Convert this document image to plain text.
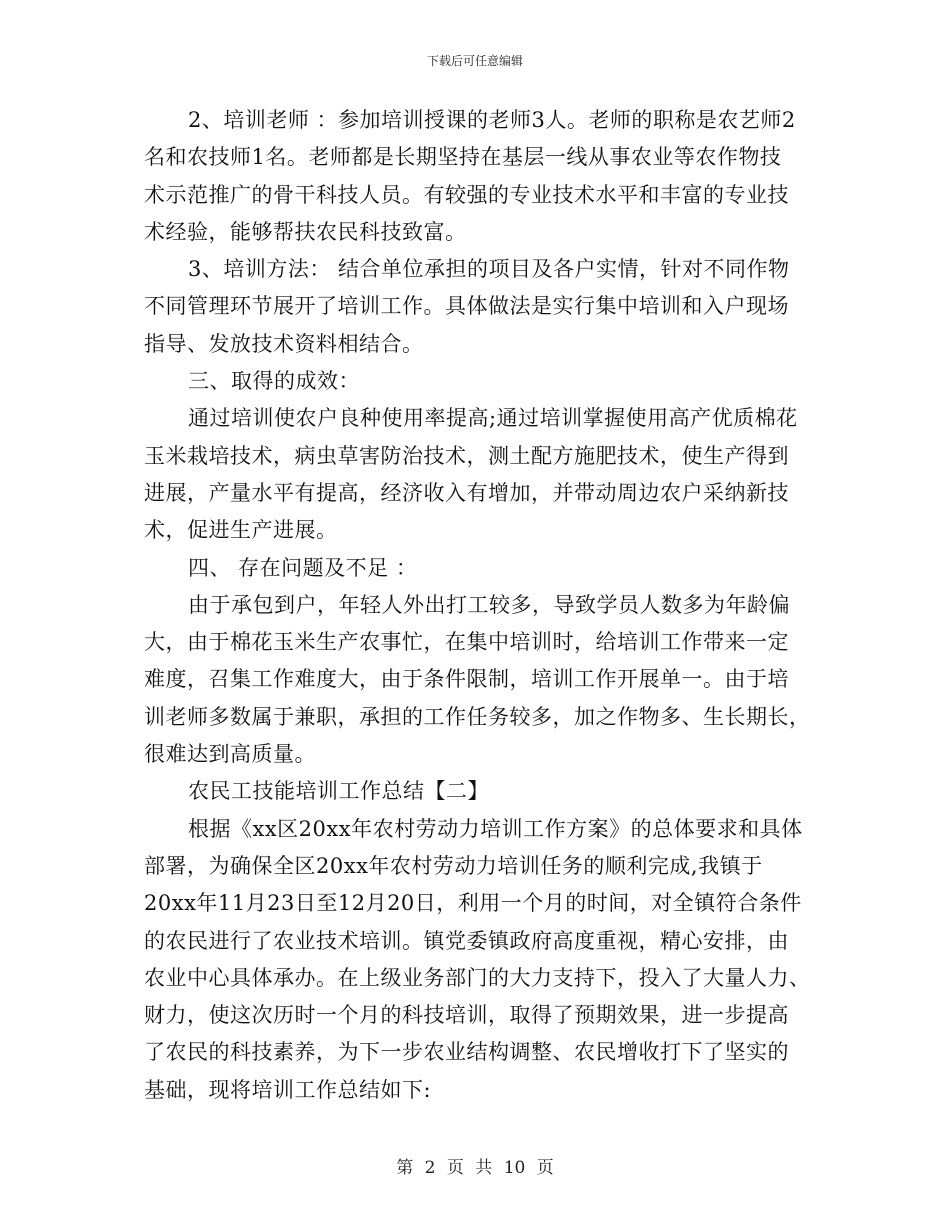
下载后可任意编辑
2、培训老师 ：参加培训授课的老师3人。老师的职称是农艺师2
名和农技师1名。老师都是长期坚持在基层一线从事农业等农作物技
术示范推广的骨干科技人员。有较强的专业技术水平和丰富的专业技
术经验，能够帮扶农民科技致富。
3、培训方法： 结合单位承担的项目及各户实情，针对不同作物
不同管理环节展开了培训工作。具体做法是实行集中培训和入户现场
指导、发放技术资料相结合。
三、取得的成效：
通过培训使农户良种使用率提高;通过培训掌握使用高产优质棉花
玉米栽培技术，病虫草害防治技术，测土配方施肥技术，使生产得到
进展，产量水平有提高，经济收入有增加，并带动周边农户采纳新技
术，促进生产进展。
四、 存在问题及不足 ：
由于承包到户，年轻人外出打工较多，导致学员人数多为年龄偏
大，由于棉花玉米生产农事忙，在集中培训时，给培训工作带来一定
难度，召集工作难度大，由于条件限制，培训工作开展单一。由于培
训老师多数属于兼职，承担的工作任务较多，加之作物多、生长期长，
很难达到高质量。
农民工技能培训工作总结【二】
根据《xx区20xx年农村劳动力培训工作方案》的总体要求和具体
部署，为确保全区20xx年农村劳动力培训任务的顺利完成,我镇于
20xx年11月23日至12月20日，利用一个月的时间，对全镇符合条件
的农民进行了农业技术培训。镇党委镇政府高度重视，精心安排，由
农业中心具体承办。在上级业务部门的大力支持下，投入了大量人力、
财力，使这次历时一个月的科技培训，取得了预期效果，进一步提高
了农民的科技素养，为下一步农业结构调整、农民增收打下了坚实的
基础，现将培训工作总结如下:
第 2 页 共 10 页
